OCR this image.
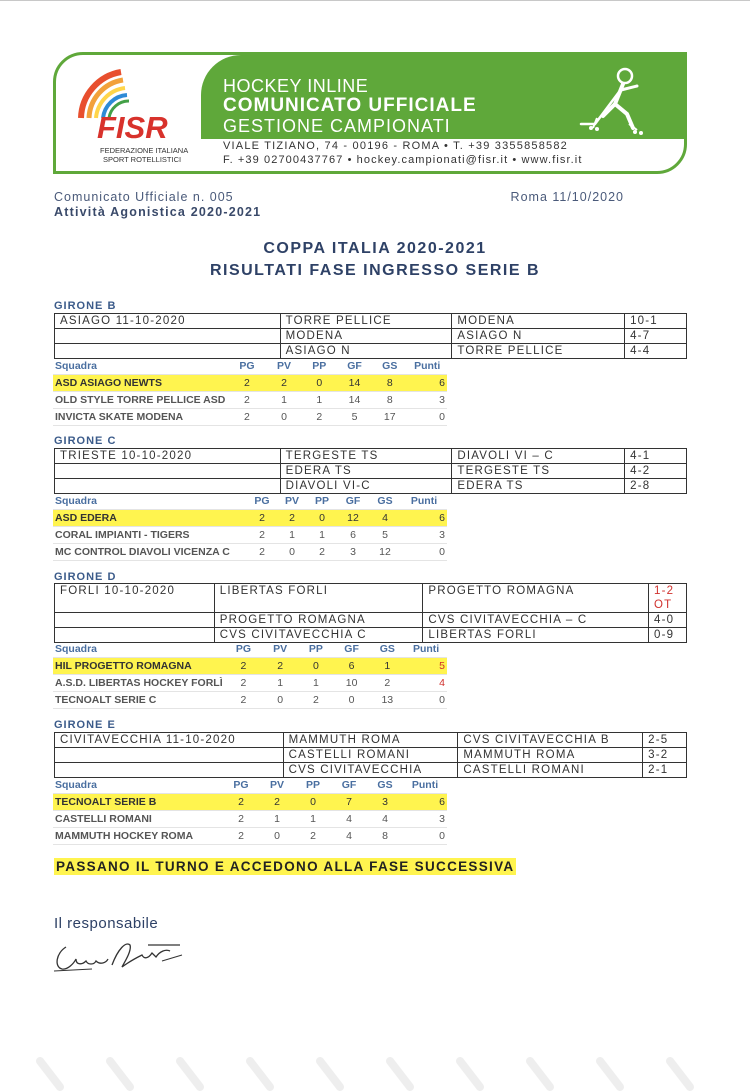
FISR
FEDERAZIONE ITALIANA
SPORT ROTELLISTICI
HOCKEY INLINE
COMUNICATO UFFICIALE
GESTIONE CAMPIONATI
VIALE TIZIANO, 74 - 00196 - ROMA • T. +39 3355858582
F. +39 02700437767 • hockey.campionati@fisr.it • www.fisr.it
Comunicato Ufficiale n. 005	Roma 11/10/2020
Attività Agonistica 2020-2021
COPPA ITALIA 2020-2021
RISULTATI FASE INGRESSO SERIE B
GIRONE B
ASIAGO 11-10-2020	TORRE PELLICE	MODENA	10-1
	MODENA	ASIAGO N	4-7
	ASIAGO N	TORRE PELLICE	4-4
Squadra	PG	PV	PP	GF	GS	Punti
ASD ASIAGO NEWTS	2	2	0	14	8	6
OLD STYLE TORRE PELLICE ASD	2	1	1	14	8	3
INVICTA SKATE MODENA	2	0	2	5	17	0
GIRONE C
TRIESTE 10-10-2020	TERGESTE TS	DIAVOLI VI – C	4-1
	EDERA TS	TERGESTE TS	4-2
	DIAVOLI VI-C	EDERA TS	2-8
Squadra	PG	PV	PP	GF	GS	Punti
ASD EDERA	2	2	0	12	4	6
CORAL IMPIANTI - TIGERS	2	1	1	6	5	3
MC CONTROL DIAVOLI VICENZA C	2	0	2	3	12	0
GIRONE D
FORLI 10-10-2020	LIBERTAS FORLI	PROGETTO ROMAGNA	1-2
OT

	PROGETTO ROMAGNA	CVS CIVITAVECCHIA – C	4-0
	CVS CIVITAVECCHIA C	LIBERTAS FORLI	0-9
Squadra	PG	PV	PP	GF	GS	Punti
HIL PROGETTO ROMAGNA	2	2	0	6	1	5
A.S.D. LIBERTAS HOCKEY FORLÌ	2	1	1	10	2	4
TECNOALT SERIE C	2	0	2	0	13	0
GIRONE E
CIVITAVECCHIA 11-10-2020	MAMMUTH ROMA	CVS CIVITAVECCHIA B	2-5
	CASTELLI ROMANI	MAMMUTH ROMA	3-2
	CVS CIVITAVECCHIA	CASTELLI ROMANI	2-1
Squadra	PG	PV	PP	GF	GS	Punti
TECNOALT SERIE B	2	2	0	7	3	6
CASTELLI ROMANI	2	1	1	4	4	3
MAMMUTH HOCKEY ROMA	2	0	2	4	8	0
PASSANO IL TURNO E ACCEDONO ALLA FASE SUCCESSIVA
Il responsabile
